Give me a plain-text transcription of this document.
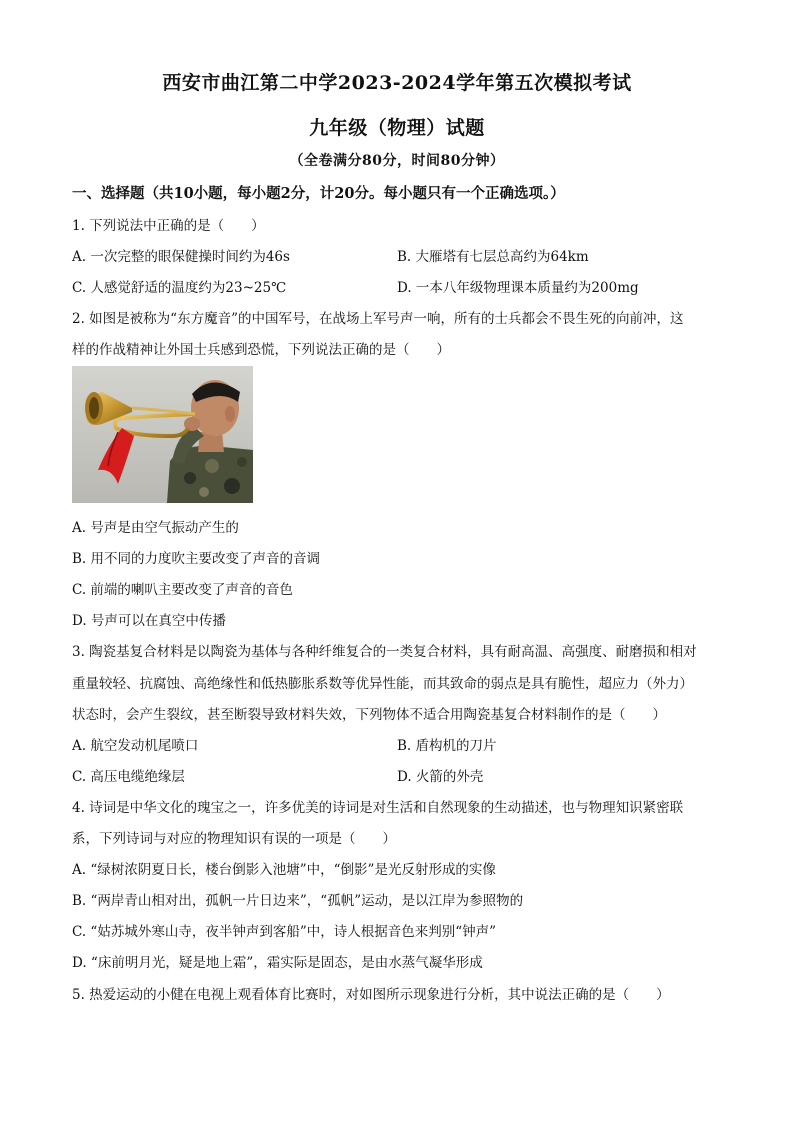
西安市曲江第二中学2023-2024学年第五次模拟考试
九年级（物理）试题
（全卷满分80分，时间80分钟）
一、选择题（共10小题，每小题2分，计20分。每小题只有一个正确选项。）
1. 下列说法中正确的是（　　）
A. 一次完整的眼保健操时间约为46s	B. 大雁塔有七层总高约为64km
C. 人感觉舒适的温度约为23~25℃	D. 一本八年级物理课本质量约为200mg
2. 如图是被称为“东方魔音”的中国军号，在战场上军号声一响，所有的士兵都会不畏生死的向前冲，这
样的作战精神让外国士兵感到恐慌，下列说法正确的是（　　）
A. 号声是由空气振动产生的
B. 用不同的力度吹主要改变了声音的音调
C. 前端的喇叭主要改变了声音的音色
D. 号声可以在真空中传播
3. 陶瓷基复合材料是以陶瓷为基体与各种纤维复合的一类复合材料，具有耐高温、高强度、耐磨损和相对
重量较轻、抗腐蚀、高绝缘性和低热膨胀系数等优异性能，而其致命的弱点是具有脆性，超应力（外力）
状态时，会产生裂纹，甚至断裂导致材料失效，下列物体不适合用陶瓷基复合材料制作的是（　　）
A. 航空发动机尾喷口	B. 盾构机的刀片
C. 高压电缆绝缘层	D. 火箭的外壳
4. 诗词是中华文化的瑰宝之一，许多优美的诗词是对生活和自然现象的生动描述，也与物理知识紧密联
系，下列诗词与对应的物理知识有误的一项是（　　）
A. “绿树浓阴夏日长，楼台倒影入池塘”中，“倒影”是光反射形成的实像
B. “两岸青山相对出，孤帆一片日边来”，“孤帆”运动，是以江岸为参照物的
C. “姑苏城外寒山寺，夜半钟声到客船”中，诗人根据音色来判别“钟声”
D. “床前明月光，疑是地上霜”，霜实际是固态，是由水蒸气凝华形成
5. 热爱运动的小健在电视上观看体育比赛时，对如图所示现象进行分析，其中说法正确的是（　　）
